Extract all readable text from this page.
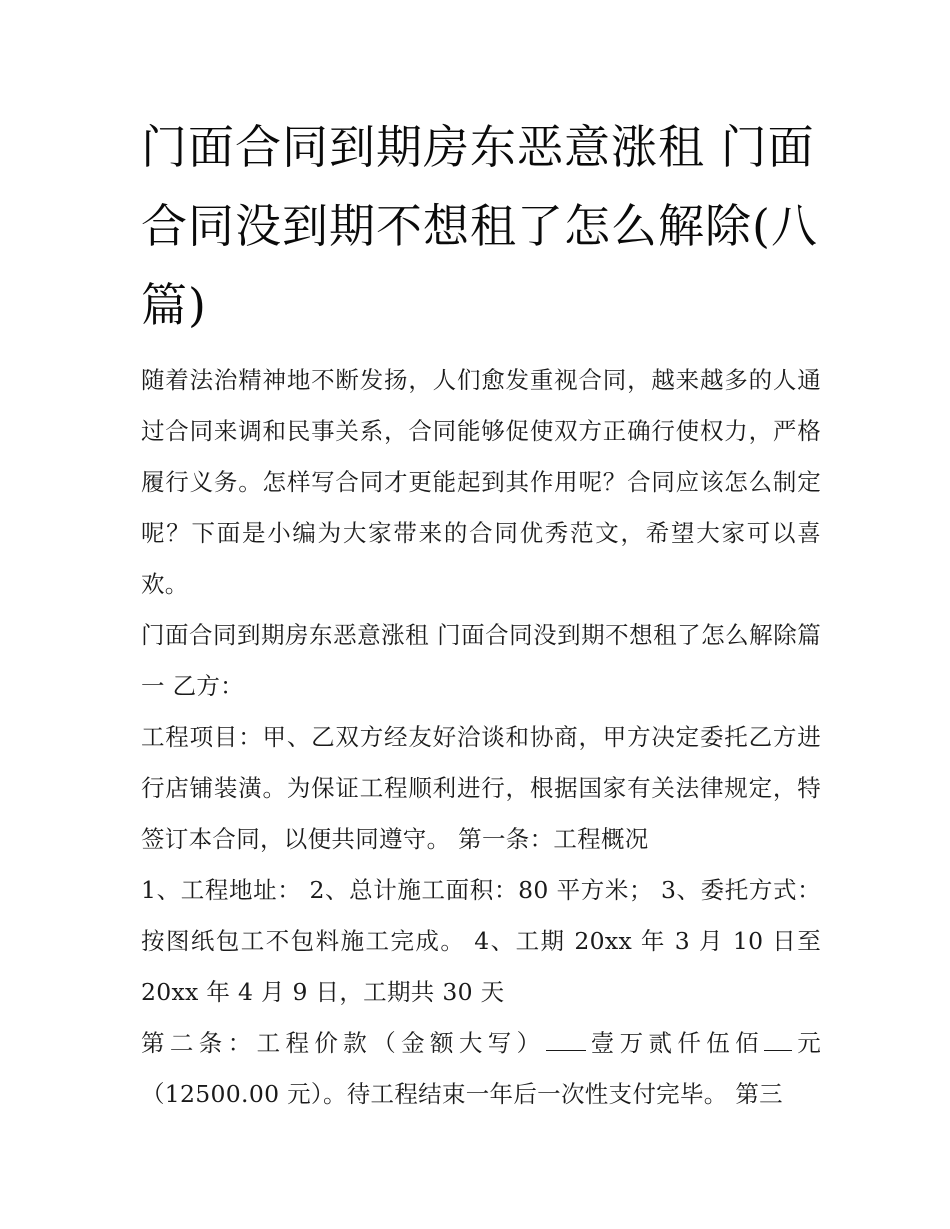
门面合同到期房东恶意涨租 门面合同没到期不想租了怎么解除(八篇)

随着法治精神地不断发扬，人们愈发重视合同，越来越多的人通过合同来调和民事关系，合同能够促使双方正确行使权力，严格履行义务。怎样写合同才更能起到其作用呢？合同应该怎么制定呢？下面是小编为大家带来的合同优秀范文，希望大家可以喜欢。

门面合同到期房东恶意涨租 门面合同没到期不想租了怎么解除篇一 乙方：

工程项目：甲、乙双方经友好洽谈和协商，甲方决定委托乙方进行店铺装潢。为保证工程顺利进行，根据国家有关法律规定，特签订本合同，以便共同遵守。 第一条：工程概况

1、工程地址： 2、总计施工面积：80 平方米； 3、委托方式：按图纸包工不包料施工完成。 4、工期 20xx 年 3 月 10 日至 20xx 年 4 月 9 日，工期共 30 天

第二条：工程价款（金额大写） 壹万贰仟伍佰 元（12500.00 元）。待工程结束一年后一次性支付完毕。 第三
